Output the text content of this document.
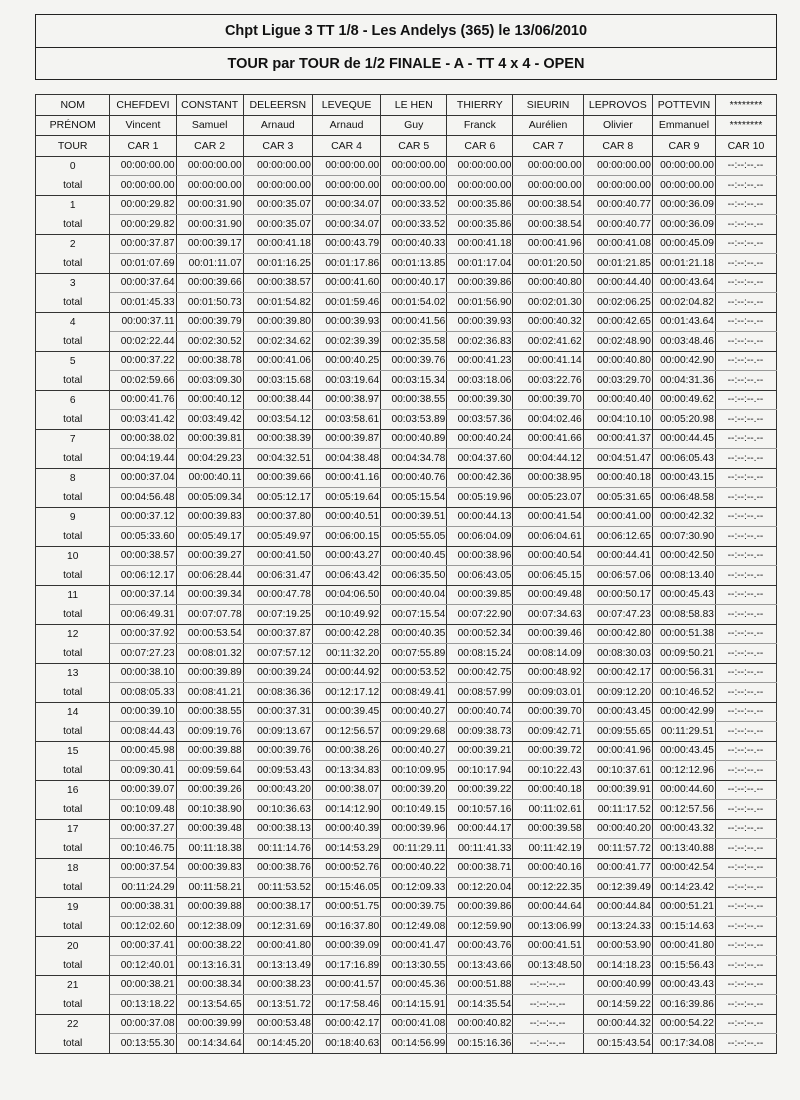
Chpt Ligue 3 TT 1/8 - Les Andelys (365) le 13/06/2010
TOUR par TOUR de 1/2 FINALE - A - TT 4 x 4 - OPEN
NOM	CHEFDEVI	CONSTANT	DELEERSN	LEVEQUE	LE HEN	THIERRY	SIEURIN	LEPROVOS	POTTEVIN	********
PRÉNOM	Vincent	Samuel	Arnaud	Arnaud	Guy	Franck	Aurélien	Olivier	Emmanuel	********
TOUR	CAR 1	CAR 2	CAR 3	CAR 4	CAR 5	CAR 6	CAR 7	CAR 8	CAR 9	CAR 10
0	00:00:00.00	00:00:00.00	00:00:00.00	00:00:00.00	00:00:00.00	00:00:00.00	00:00:00.00	00:00:00.00	00:00:00.00	--:--:--.--
total	00:00:00.00	00:00:00.00	00:00:00.00	00:00:00.00	00:00:00.00	00:00:00.00	00:00:00.00	00:00:00.00	00:00:00.00	--:--:--.--
1	00:00:29.82	00:00:31.90	00:00:35.07	00:00:34.07	00:00:33.52	00:00:35.86	00:00:38.54	00:00:40.77	00:00:36.09	--:--:--.--
total	00:00:29.82	00:00:31.90	00:00:35.07	00:00:34.07	00:00:33.52	00:00:35.86	00:00:38.54	00:00:40.77	00:00:36.09	--:--:--.--
2	00:00:37.87	00:00:39.17	00:00:41.18	00:00:43.79	00:00:40.33	00:00:41.18	00:00:41.96	00:00:41.08	00:00:45.09	--:--:--.--
total	00:01:07.69	00:01:11.07	00:01:16.25	00:01:17.86	00:01:13.85	00:01:17.04	00:01:20.50	00:01:21.85	00:01:21.18	--:--:--.--
3	00:00:37.64	00:00:39.66	00:00:38.57	00:00:41.60	00:00:40.17	00:00:39.86	00:00:40.80	00:00:44.40	00:00:43.64	--:--:--.--
total	00:01:45.33	00:01:50.73	00:01:54.82	00:01:59.46	00:01:54.02	00:01:56.90	00:02:01.30	00:02:06.25	00:02:04.82	--:--:--.--
4	00:00:37.11	00:00:39.79	00:00:39.80	00:00:39.93	00:00:41.56	00:00:39.93	00:00:40.32	00:00:42.65	00:01:43.64	--:--:--.--
total	00:02:22.44	00:02:30.52	00:02:34.62	00:02:39.39	00:02:35.58	00:02:36.83	00:02:41.62	00:02:48.90	00:03:48.46	--:--:--.--
5	00:00:37.22	00:00:38.78	00:00:41.06	00:00:40.25	00:00:39.76	00:00:41.23	00:00:41.14	00:00:40.80	00:00:42.90	--:--:--.--
total	00:02:59.66	00:03:09.30	00:03:15.68	00:03:19.64	00:03:15.34	00:03:18.06	00:03:22.76	00:03:29.70	00:04:31.36	--:--:--.--
6	00:00:41.76	00:00:40.12	00:00:38.44	00:00:38.97	00:00:38.55	00:00:39.30	00:00:39.70	00:00:40.40	00:00:49.62	--:--:--.--
total	00:03:41.42	00:03:49.42	00:03:54.12	00:03:58.61	00:03:53.89	00:03:57.36	00:04:02.46	00:04:10.10	00:05:20.98	--:--:--.--
7	00:00:38.02	00:00:39.81	00:00:38.39	00:00:39.87	00:00:40.89	00:00:40.24	00:00:41.66	00:00:41.37	00:00:44.45	--:--:--.--
total	00:04:19.44	00:04:29.23	00:04:32.51	00:04:38.48	00:04:34.78	00:04:37.60	00:04:44.12	00:04:51.47	00:06:05.43	--:--:--.--
8	00:00:37.04	00:00:40.11	00:00:39.66	00:00:41.16	00:00:40.76	00:00:42.36	00:00:38.95	00:00:40.18	00:00:43.15	--:--:--.--
total	00:04:56.48	00:05:09.34	00:05:12.17	00:05:19.64	00:05:15.54	00:05:19.96	00:05:23.07	00:05:31.65	00:06:48.58	--:--:--.--
9	00:00:37.12	00:00:39.83	00:00:37.80	00:00:40.51	00:00:39.51	00:00:44.13	00:00:41.54	00:00:41.00	00:00:42.32	--:--:--.--
total	00:05:33.60	00:05:49.17	00:05:49.97	00:06:00.15	00:05:55.05	00:06:04.09	00:06:04.61	00:06:12.65	00:07:30.90	--:--:--.--
10	00:00:38.57	00:00:39.27	00:00:41.50	00:00:43.27	00:00:40.45	00:00:38.96	00:00:40.54	00:00:44.41	00:00:42.50	--:--:--.--
total	00:06:12.17	00:06:28.44	00:06:31.47	00:06:43.42	00:06:35.50	00:06:43.05	00:06:45.15	00:06:57.06	00:08:13.40	--:--:--.--
11	00:00:37.14	00:00:39.34	00:00:47.78	00:04:06.50	00:00:40.04	00:00:39.85	00:00:49.48	00:00:50.17	00:00:45.43	--:--:--.--
total	00:06:49.31	00:07:07.78	00:07:19.25	00:10:49.92	00:07:15.54	00:07:22.90	00:07:34.63	00:07:47.23	00:08:58.83	--:--:--.--
12	00:00:37.92	00:00:53.54	00:00:37.87	00:00:42.28	00:00:40.35	00:00:52.34	00:00:39.46	00:00:42.80	00:00:51.38	--:--:--.--
total	00:07:27.23	00:08:01.32	00:07:57.12	00:11:32.20	00:07:55.89	00:08:15.24	00:08:14.09	00:08:30.03	00:09:50.21	--:--:--.--
13	00:00:38.10	00:00:39.89	00:00:39.24	00:00:44.92	00:00:53.52	00:00:42.75	00:00:48.92	00:00:42.17	00:00:56.31	--:--:--.--
total	00:08:05.33	00:08:41.21	00:08:36.36	00:12:17.12	00:08:49.41	00:08:57.99	00:09:03.01	00:09:12.20	00:10:46.52	--:--:--.--
14	00:00:39.10	00:00:38.55	00:00:37.31	00:00:39.45	00:00:40.27	00:00:40.74	00:00:39.70	00:00:43.45	00:00:42.99	--:--:--.--
total	00:08:44.43	00:09:19.76	00:09:13.67	00:12:56.57	00:09:29.68	00:09:38.73	00:09:42.71	00:09:55.65	00:11:29.51	--:--:--.--
15	00:00:45.98	00:00:39.88	00:00:39.76	00:00:38.26	00:00:40.27	00:00:39.21	00:00:39.72	00:00:41.96	00:00:43.45	--:--:--.--
total	00:09:30.41	00:09:59.64	00:09:53.43	00:13:34.83	00:10:09.95	00:10:17.94	00:10:22.43	00:10:37.61	00:12:12.96	--:--:--.--
16	00:00:39.07	00:00:39.26	00:00:43.20	00:00:38.07	00:00:39.20	00:00:39.22	00:00:40.18	00:00:39.91	00:00:44.60	--:--:--.--
total	00:10:09.48	00:10:38.90	00:10:36.63	00:14:12.90	00:10:49.15	00:10:57.16	00:11:02.61	00:11:17.52	00:12:57.56	--:--:--.--
17	00:00:37.27	00:00:39.48	00:00:38.13	00:00:40.39	00:00:39.96	00:00:44.17	00:00:39.58	00:00:40.20	00:00:43.32	--:--:--.--
total	00:10:46.75	00:11:18.38	00:11:14.76	00:14:53.29	00:11:29.11	00:11:41.33	00:11:42.19	00:11:57.72	00:13:40.88	--:--:--.--
18	00:00:37.54	00:00:39.83	00:00:38.76	00:00:52.76	00:00:40.22	00:00:38.71	00:00:40.16	00:00:41.77	00:00:42.54	--:--:--.--
total	00:11:24.29	00:11:58.21	00:11:53.52	00:15:46.05	00:12:09.33	00:12:20.04	00:12:22.35	00:12:39.49	00:14:23.42	--:--:--.--
19	00:00:38.31	00:00:39.88	00:00:38.17	00:00:51.75	00:00:39.75	00:00:39.86	00:00:44.64	00:00:44.84	00:00:51.21	--:--:--.--
total	00:12:02.60	00:12:38.09	00:12:31.69	00:16:37.80	00:12:49.08	00:12:59.90	00:13:06.99	00:13:24.33	00:15:14.63	--:--:--.--
20	00:00:37.41	00:00:38.22	00:00:41.80	00:00:39.09	00:00:41.47	00:00:43.76	00:00:41.51	00:00:53.90	00:00:41.80	--:--:--.--
total	00:12:40.01	00:13:16.31	00:13:13.49	00:17:16.89	00:13:30.55	00:13:43.66	00:13:48.50	00:14:18.23	00:15:56.43	--:--:--.--
21	00:00:38.21	00:00:38.34	00:00:38.23	00:00:41.57	00:00:45.36	00:00:51.88	--:--:--.--	00:00:40.99	00:00:43.43	--:--:--.--
total	00:13:18.22	00:13:54.65	00:13:51.72	00:17:58.46	00:14:15.91	00:14:35.54	--:--:--.--	00:14:59.22	00:16:39.86	--:--:--.--
22	00:00:37.08	00:00:39.99	00:00:53.48	00:00:42.17	00:00:41.08	00:00:40.82	--:--:--.--	00:00:44.32	00:00:54.22	--:--:--.--
total	00:13:55.30	00:14:34.64	00:14:45.20	00:18:40.63	00:14:56.99	00:15:16.36	--:--:--.--	00:15:43.54	00:17:34.08	--:--:--.--
